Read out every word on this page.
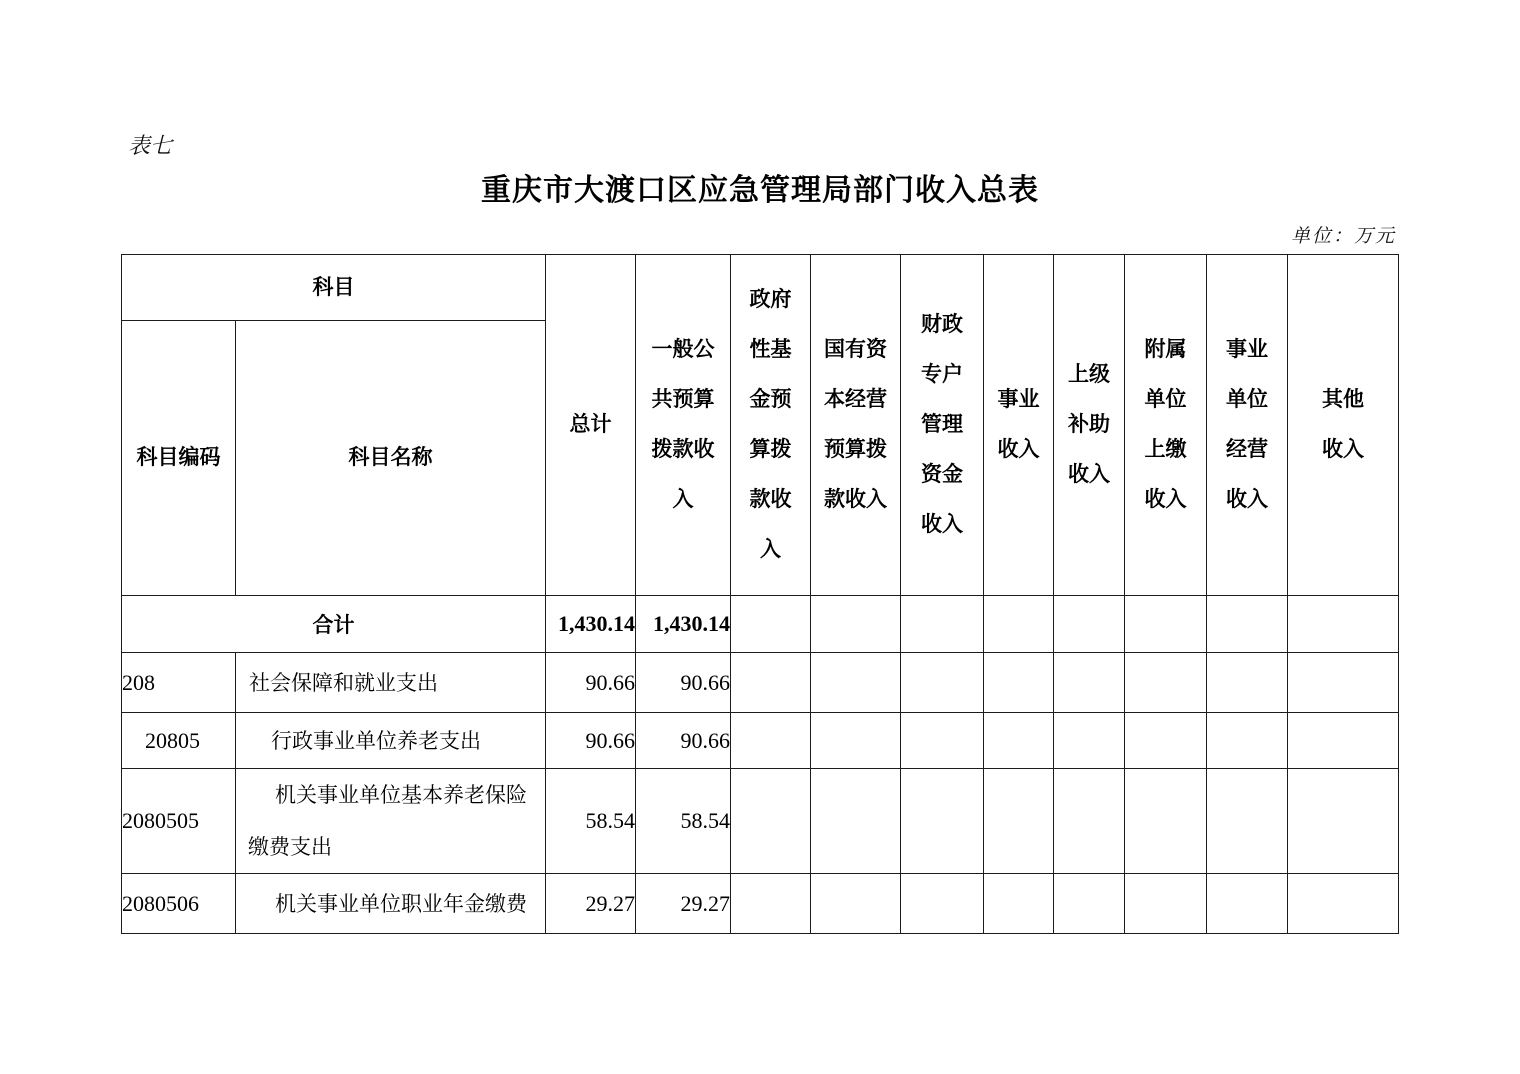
表七
重庆市大渡口区应急管理局部门收入总表
单位：万元
科目		总计	一般公共预算拨款收入	政府性基金预算拨款收入	国有资本经营预算拨款收入	财政专户管理资金收入	事业收入	上级补助收入	附属单位上缴收入	事业单位经营收入	其他收入
科目编码	科目名称										
合计		1,430.14	1,430.14								
208	社会保障和就业支出	90.66	90.66								
20805	行政事业单位养老支出	90.66	90.66								
2080505	机关事业单位基本养老保险缴费支出	58.54	58.54								
2080506	机关事业单位职业年金缴费	29.27	29.27								
